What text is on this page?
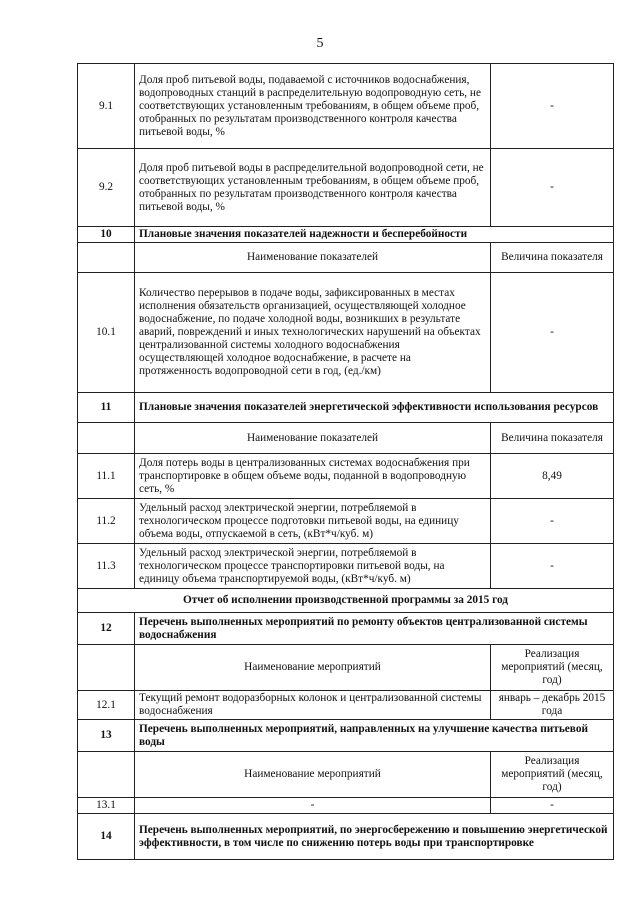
5
9.1	Доля проб питьевой воды, подаваемой с источников водоснабжения, водопроводных станций в распределительную водопроводную сеть, не соответствующих установленным требованиям, в общем объеме проб, отобранных по результатам производственного контроля качества питьевой воды, %	-
9.2	Доля проб питьевой воды в распределительной водопроводной сети, не соответствующих установленным требованиям, в общем объеме проб, отобранных по результатам производственного контроля качества питьевой воды, %	-
10	Плановые значения показателей надежности и бесперебойности	
	Наименование показателей	Величина показателя
10.1	Количество перерывов в подаче воды, зафиксированных в местах исполнения обязательств организацией, осуществляющей холодное водоснабжение, по подаче холодной воды, возникших в результате аварий, повреждений и иных технологических нарушений на объектах централизованной системы холодного водоснабжения осуществляющей холодное водоснабжение, в расчете на протяженность водопроводной сети в год, (ед./км)	-
11	Плановые значения показателей энергетической эффективности использования ресурсов	
	Наименование показателей	Величина показателя
11.1	Доля потерь воды в централизованных системах водоснабжения при транспортировке в общем объеме воды, поданной в водопроводную сеть, %	8,49
11.2	Удельный расход электрической энергии, потребляемой в технологическом процессе подготовки питьевой воды, на единицу объема воды, отпускаемой в сеть, (кВт*ч/куб. м)	-
11.3	Удельный расход электрической энергии, потребляемой в технологическом процессе транспортировки питьевой воды, на единицу объема транспортируемой воды, (кВт*ч/куб. м)	-
Отчет об исполнении производственной программы за 2015 год		
12	Перечень выполненных мероприятий по ремонту объектов централизованной системы водоснабжения	
	Наименование мероприятий	Реализация мероприятий (месяц, год)
12.1	Текущий ремонт водоразборных колонок и централизованной системы водоснабжения	январь – декабрь 2015 года
13	Перечень выполненных мероприятий, направленных на улучшение качества питьевой воды	
	Наименование мероприятий	Реализация мероприятий (месяц, год)
13.1	-	-
14	Перечень выполненных мероприятий, по энергосбережению и повышению энергетической эффективности, в том числе по снижению потерь воды при транспортировке	
